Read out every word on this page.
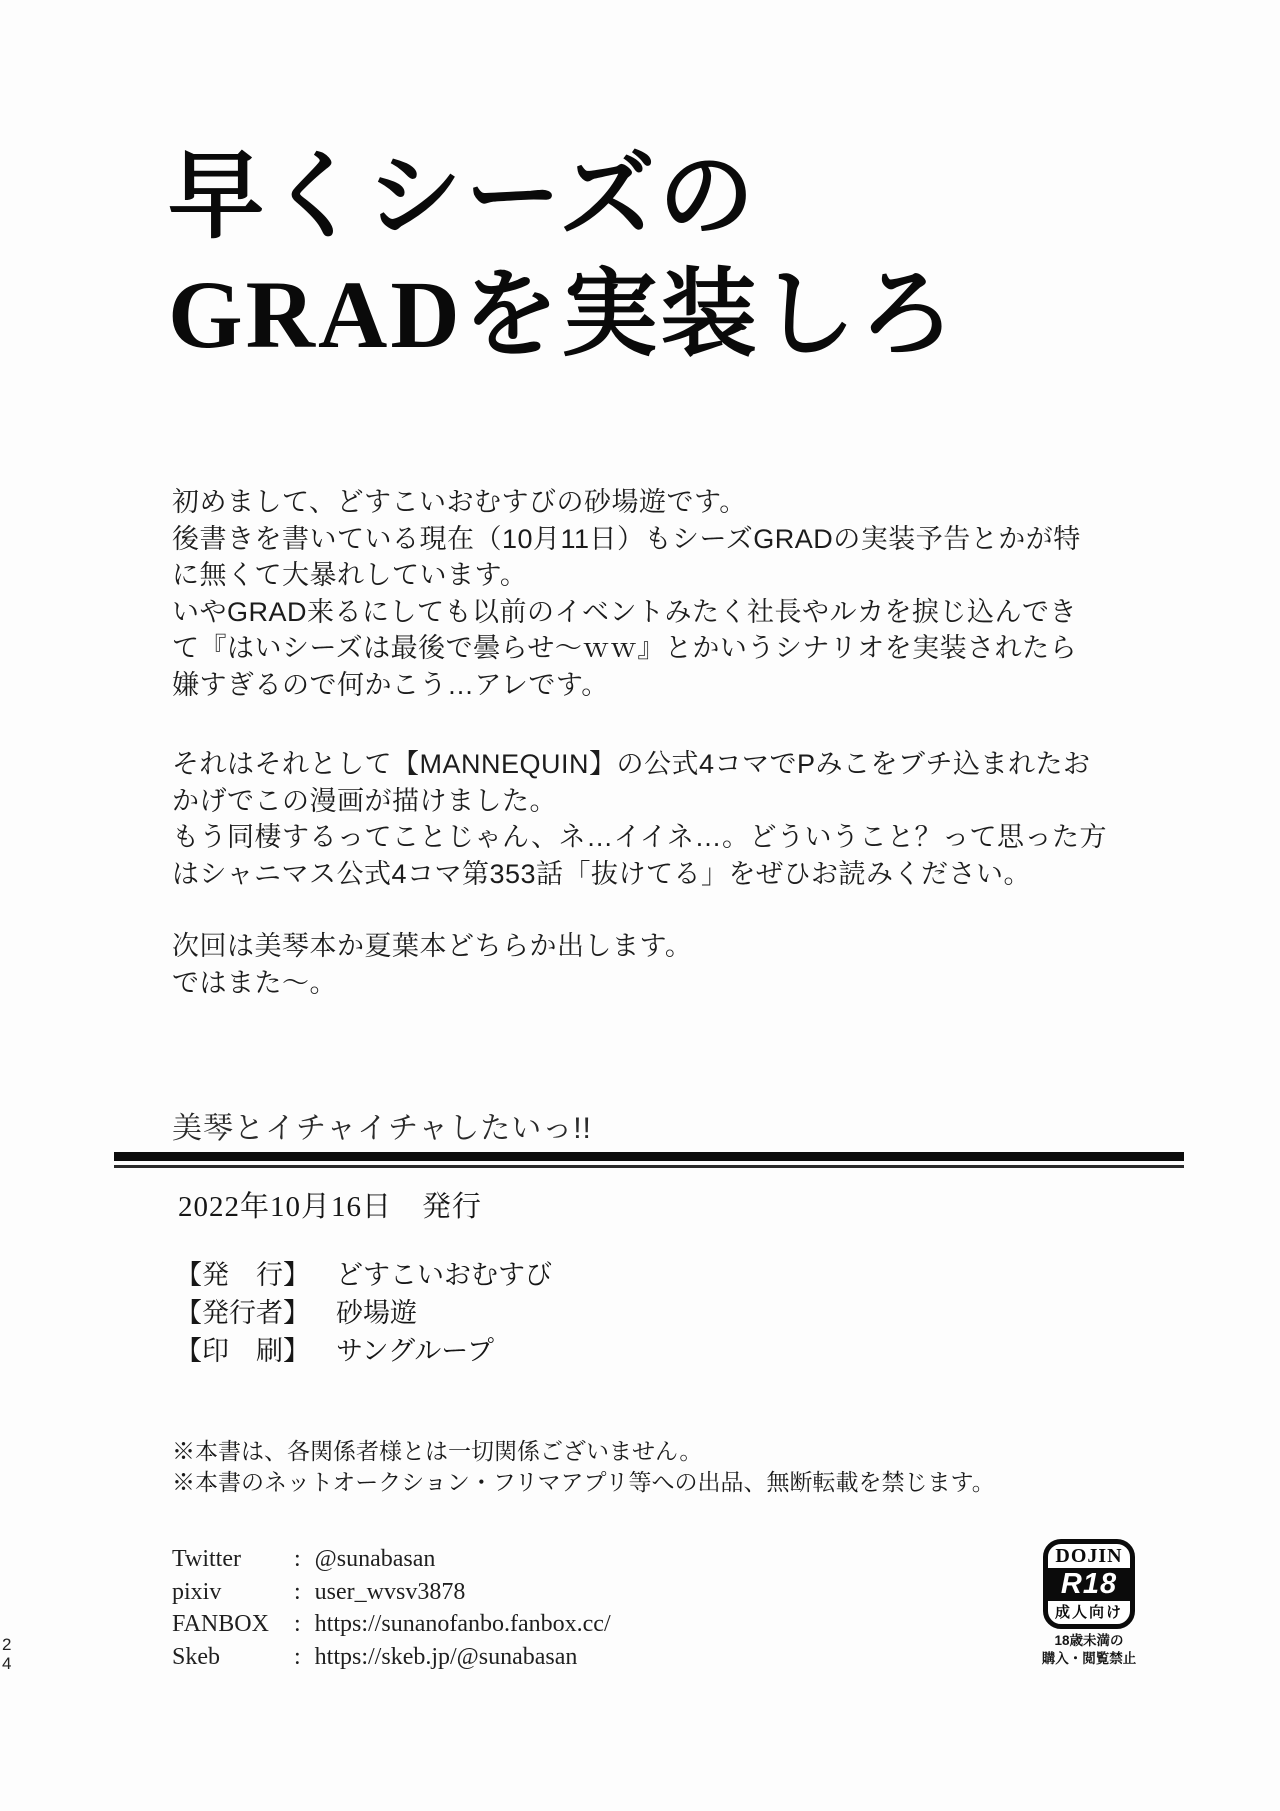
早くシーズの
GRADを実装しろ
初めまして、どすこいおむすびの砂場遊です。
後書きを書いている現在（10月11日）もシーズGRADの実装予告とかが特
に無くて大暴れしています。
いやGRAD来るにしても以前のイベントみたく社長やルカを捩じ込んでき
て『はいシーズは最後で曇らせ～ｗｗ』とかいうシナリオを実装されたら
嫌すぎるので何かこう…アレです。
それはそれとして【MANNEQUIN】の公式4コマでPみこをブチ込まれたお
かげでこの漫画が描けました。
もう同棲するってことじゃん、ネ…イイネ…。どういうこと？って思った方
はシャニマス公式4コマ第353話「抜けてる」をぜひお読みください。
次回は美琴本か夏葉本どちらか出します。
ではまた～。
美琴とイチャイチャしたいっ!!
2022年10月16日　発行
【発　行】 どすこいおむすび
【発行者】 砂場遊
【印　刷】 サングループ
※本書は、各関係者様とは一切関係ございません。
※本書のネットオークション・フリマアプリ等への出品、無断転載を禁じます。
Twitter	: @sunabasan
pixiv	: user_wvsv3878
FANBOX	: https://sunanofanbo.fanbox.cc/
Skeb	: https://skeb.jp/@sunabasan
DOJIN
R18
成人向け
18歳未満の
購入・閲覧禁止
2
4
